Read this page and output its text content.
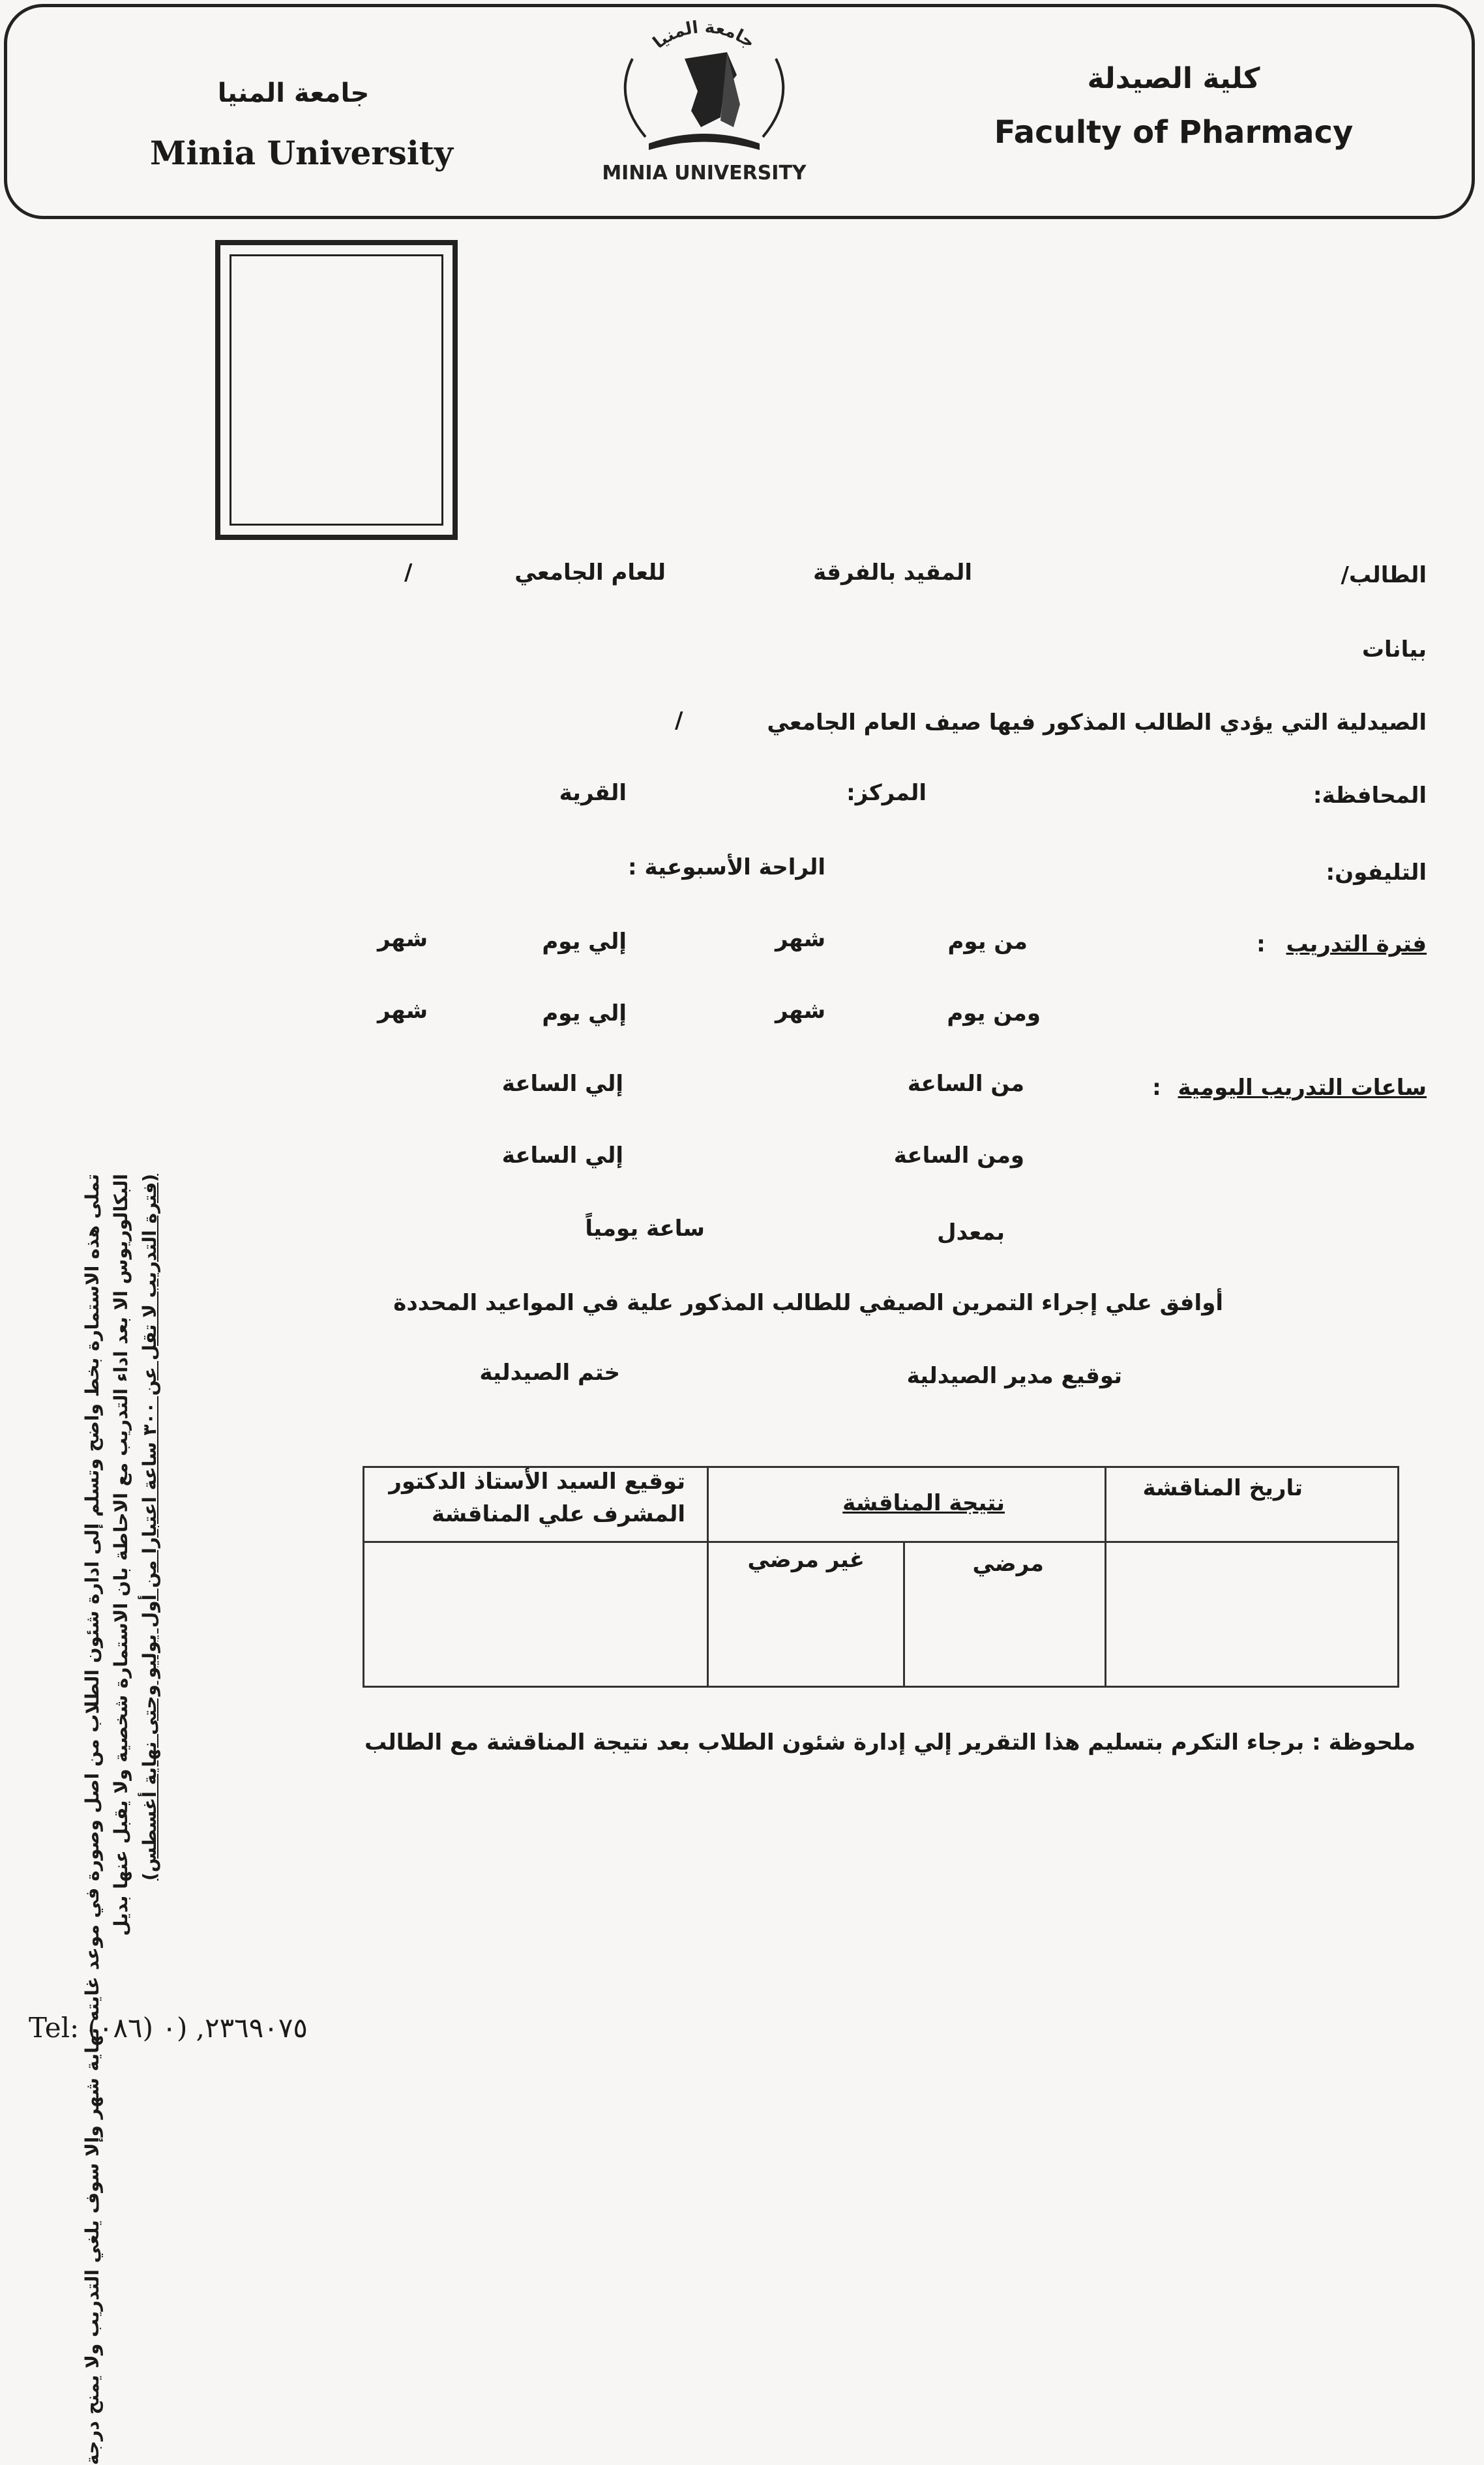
جامعة المنيا
Minia University
كلية الصيدلة
Faculty of Pharmacy
جامعة المنيا
MINIA UNIVERSITY
الطالب/
المقيد بالفرقة
للعام الجامعي
/
بيانات
الصيدلية التي يؤدي الطالب المذكور فيها صيف العام الجامعي
/
المحافظة:
المركز:
القرية
التليفون:
الراحة الأسبوعية :
فترة التدريب :
من يوم
شهر
إلي يوم
شهر
ومن يوم
شهر
إلي يوم
شهر
ساعات التدريب اليومية :
من الساعة
إلي الساعة
ومن الساعة
إلي الساعة
بمعدل
ساعة يومياً
أوافق علي إجراء التمرين الصيفي للطالب المذكور علية في المواعيد المحددة
توقيع مدير الصيدلية
ختم الصيدلية
تاريخ المناقشة
نتيجة المناقشة
توقيع السيد الأستاذ الدكتور
المشرف علي المناقشة
مرضي
غير مرضي
ملحوظة : برجاء التكرم بتسليم هذا التقرير إلي إدارة شئون الطلاب بعد نتيجة المناقشة مع الطالب
تملى هذه الاستمارة بخط واضح وتسلم إلى ادارة شئون الطلاب من اصل وصورة في موعد غايته نهاية شهر وإلا سوف يلغي التدريب ولا يمنح درجة البكالوريوس الا بعد اداء التدريب مع الاحاطة بان الاستمارة شخصية ولا يقبل عنها بديل (فترة التدريب لا تقل عن ٣٠٠ ساعة اعتبارا من أول يوليو وحتى نهاية أغسطس)
Tel: (٠٨٦) ٢٣٦٩٠٧٥, (٠
